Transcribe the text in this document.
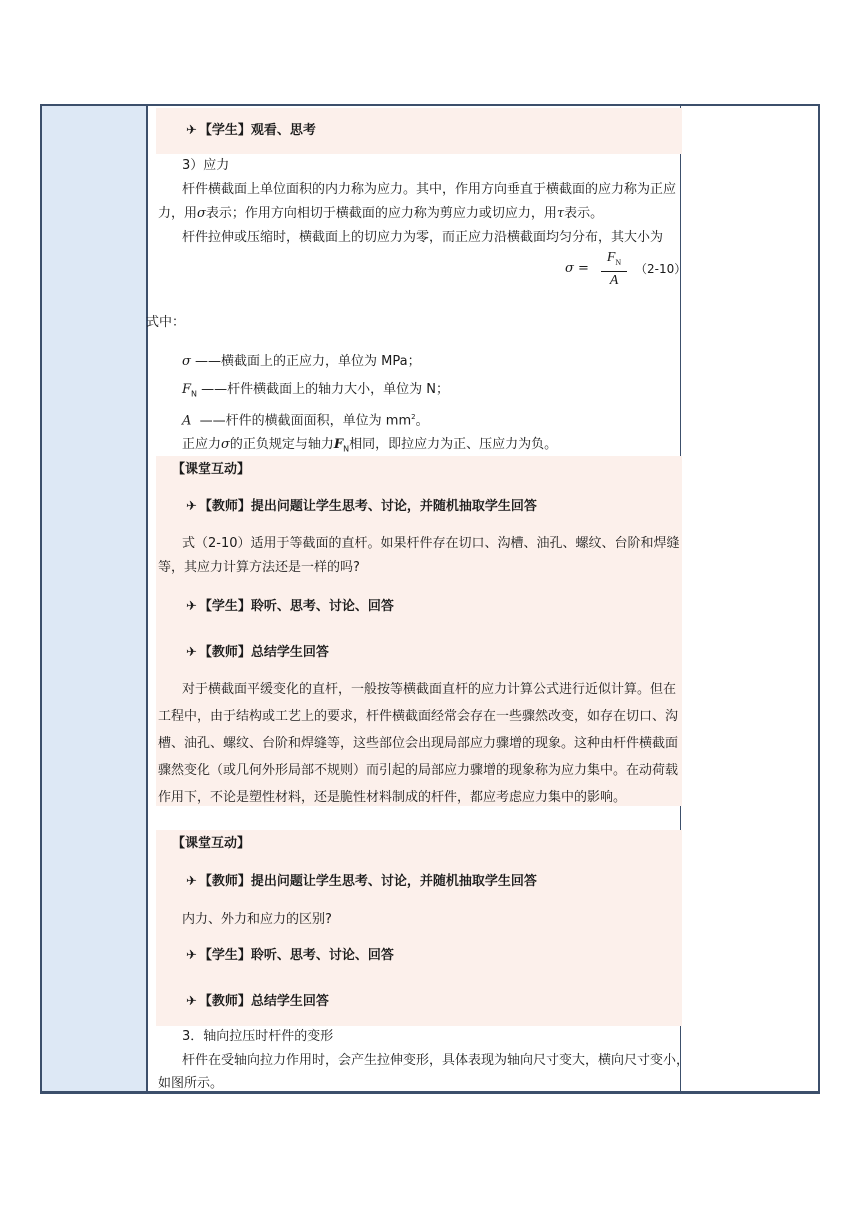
✈ 【学生】观看、思考
3）应力
杆件横截面上单位面积的内力称为应力。其中，作用方向垂直于横截面的应力称为正应
力，用σ表示；作用方向相切于横截面的应力称为剪应力或切应力，用τ表示。
杆件拉伸或压缩时，横截面上的切应力为零，而正应力沿横截面均匀分布，其大小为
$\sigma = \frac{F_N}{A} (2-10)$
式中：
σ ——横截面上的正应力，单位为 MPa；
$F_N$ ——杆件横截面上的轴力大小，单位为 N；
A ——杆件的横截面面积，单位为 $mm^2$。
正应力σ的正负规定与轴力$F_N$相同，即拉应力为正、压应力为负。
【课堂互动】
✈ 【教师】提出问题让学生思考、讨论，并随机抽取学生回答
式（2-10）适用于等截面的直杆。如果杆件存在切口、沟槽、油孔、螺纹、台阶和焊缝
等，其应力计算方法还是一样的吗?
✈ 【学生】聆听、思考、讨论、回答
✈ 【教师】总结学生回答
对于横截面平缓变化的直杆，一般按等横截面直杆的应力计算公式进行近似计算。但在
工程中，由于结构或工艺上的要求，杆件横截面经常会存在一些骤然改变，如存在切口、沟
槽、油孔、螺纹、台阶和焊缝等，这些部位会出现局部应力骤增的现象。这种由杆件横截面
骤然变化（或几何外形局部不规则）而引起的局部应力骤增的现象称为应力集中。在动荷载
作用下，不论是塑性材料，还是脆性材料制成的杆件，都应考虑应力集中的影响。
【课堂互动】
✈ 【教师】提出问题让学生思考、讨论，并随机抽取学生回答
内力、外力和应力的区别?
✈ 【学生】聆听、思考、讨论、回答
✈ 【教师】总结学生回答
3．轴向拉压时杆件的变形
杆件在受轴向拉力作用时，会产生拉伸变形，具体表现为轴向尺寸变大，横向尺寸变小，
如图所示。
